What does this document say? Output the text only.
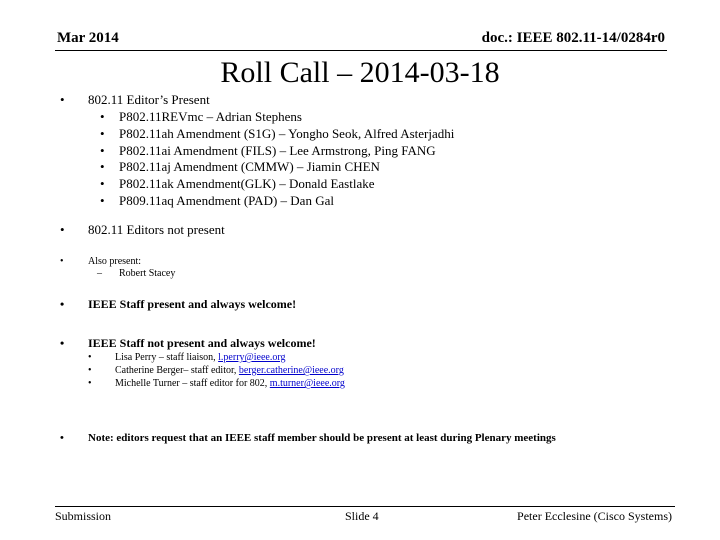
Mar 2014	doc.: IEEE 802.11-14/0284r0
Roll Call – 2014-03-18
• 802.11 Editor’s Present
• P802.11REVmc – Adrian Stephens
• P802.11ah Amendment (S1G) – Yongho Seok, Alfred Asterjadhi
• P802.11ai Amendment (FILS) – Lee Armstrong, Ping FANG
• P802.11aj Amendment (CMMW) – Jiamin CHEN
• P802.11ak Amendment(GLK) – Donald Eastlake
• P809.11aq Amendment (PAD) – Dan Gal
• 802.11 Editors not present
• Also present:
– Robert Stacey
• IEEE Staff present and always welcome!
• IEEE Staff not present and always welcome!
• Lisa Perry – staff liaison, l.perry@ieee.org
• Catherine Berger– staff editor, berger.catherine@ieee.org
• Michelle Turner – staff editor for 802, m.turner@ieee.org
• Note: editors request that an IEEE staff member should be present at least during Plenary meetings
Submission	Slide 4	Peter Ecclesine (Cisco Systems)
